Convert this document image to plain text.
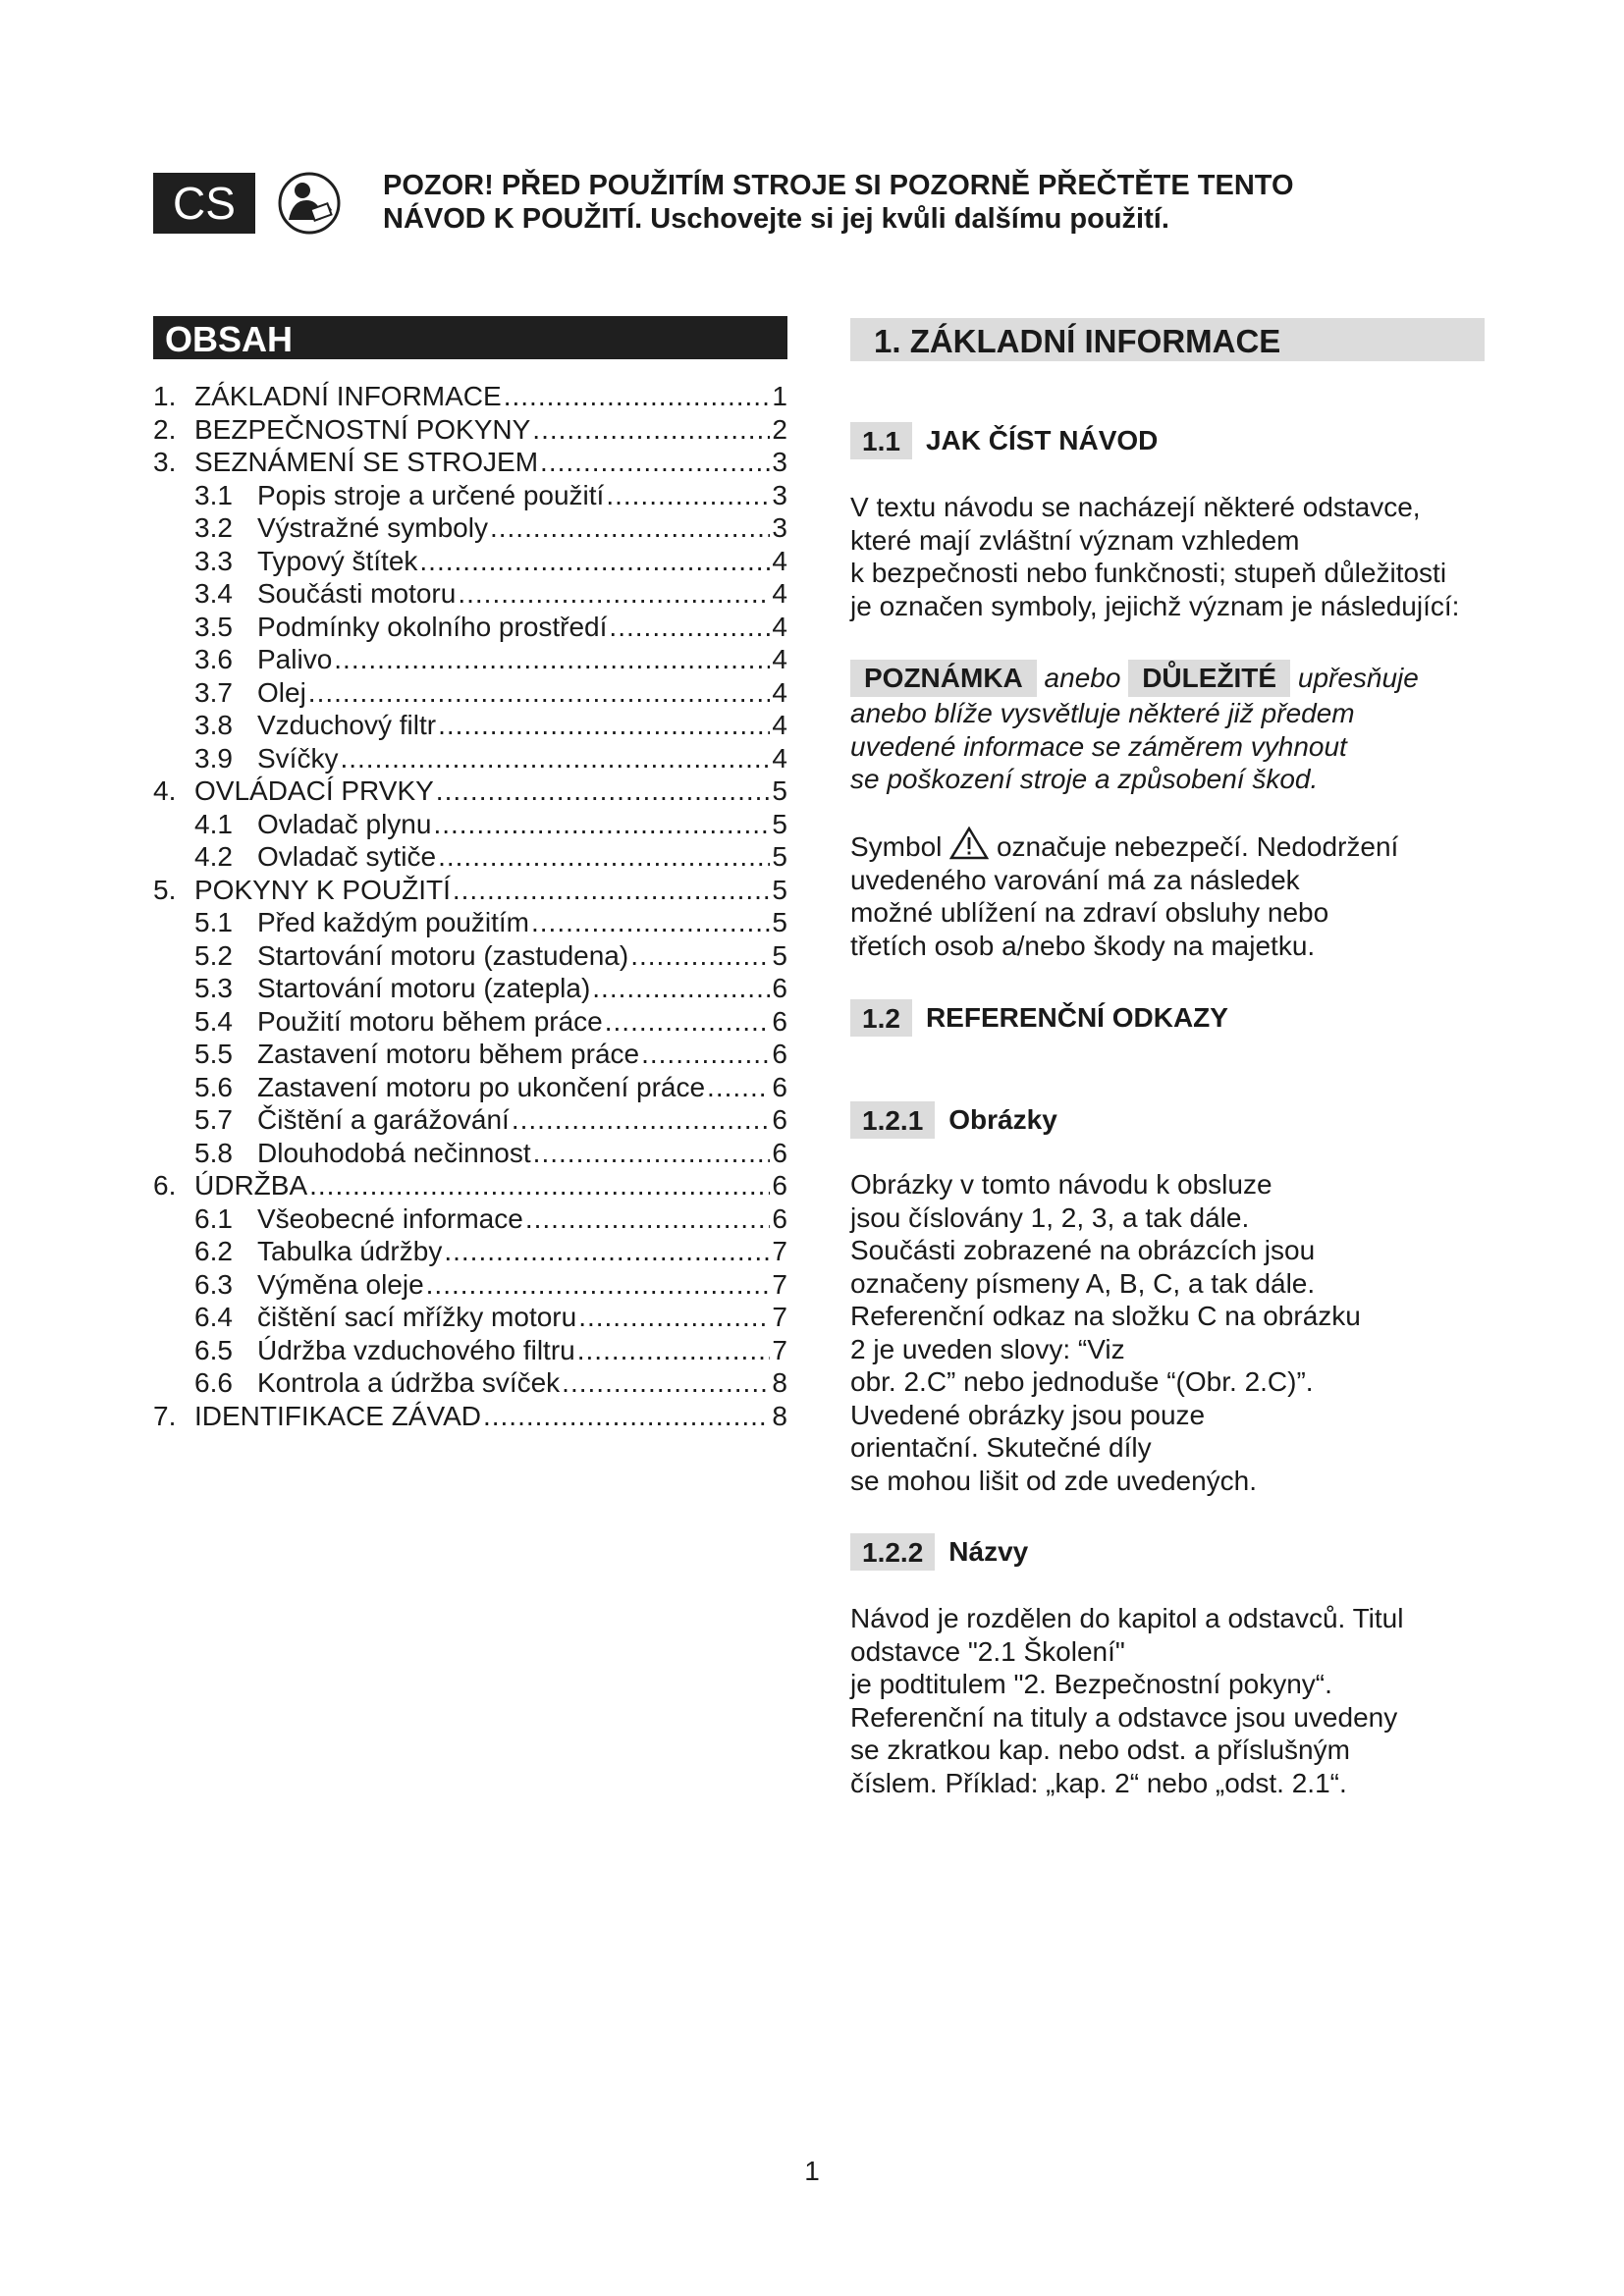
CS	POZOR! PŘED POUŽITÍM STROJE SI POZORNĚ PŘEČTĚTE TENTO
NÁVOD K POUŽITÍ. Uschovejte si jej kvůli dalšímu použití.
OBSAH
1. ZÁKLADNÍ INFORMACE .....	1
2. BEZPEČNOSTNÍ POKYNY .....	2
3. SEZNÁMENÍ SE STROJEM .....	3
3.1 Popis stroje a určené použití .....	3
3.2 Výstražné symboly .....	3
3.3 Typový štítek .....	4
3.4 Součásti motoru .....	4
3.5 Podmínky okolního prostředí .....	4
3.6 Palivo .....	4
3.7 Olej .....	4
3.8 Vzduchový filtr .....	4
3.9 Svíčky .....	4
4. OVLÁDACÍ PRVKY .....	5
4.1 Ovladač plynu .....	5
4.2 Ovladač sytiče .....	5
5. POKYNY K POUŽITÍ .....	5
5.1 Před každým použitím .....	5
5.2 Startování motoru (zastudena) .....	5
5.3 Startování motoru (zatepla) .....	6
5.4 Použití motoru během práce .....	6
5.5 Zastavení motoru během práce .....	6
5.6 Zastavení motoru po ukončení práce ..... 6
5.7 Čištění a garážování .....	6
5.8 Dlouhodobá nečinnost .....	6
6. ÚDRŽBA .....	6
6.1 Všeobecné informace .....	6
6.2 Tabulka údržby .....	7
6.3 Výměna oleje .....	7
6.4 čištění sací mřížky motoru .....	7
6.5 Údržba vzduchového filtru .....	7
6.6 Kontrola a údržba svíček .....	8
7. IDENTIFIKACE ZÁVAD .....	8
1. ZÁKLADNÍ INFORMACE
1.1 JAK ČÍST NÁVOD
V textu návodu se nacházejí některé odstavce,
které mají zvláštní význam vzhledem
k bezpečnosti nebo funkčnosti; stupeň důležitosti
je označen symboly, jejichž význam je následující:
POZNÁMKA anebo DŮLEŽITÉ upřesňuje
anebo blíže vysvětluje některé již předem
uvedené informace se záměrem vyhnout
se poškození stroje a způsobení škod.
Symbol označuje nebezpečí. Nedodržení
uvedeného varování má za následek
možné ublížení na zdraví obsluhy nebo
třetích osob a/nebo škody na majetku.
1.2 REFERENČNÍ ODKAZY
1.2.1 Obrázky
Obrázky v tomto návodu k obsluze
jsou číslovány 1, 2, 3, a tak dále.
Součásti zobrazené na obrázcích jsou
označeny písmeny A, B, C, a tak dále.
Referenční odkaz na složku C na obrázku
2 je uveden slovy: “Viz
obr. 2.C” nebo jednoduše “(Obr. 2.C)”.
Uvedené obrázky jsou pouze
orientační. Skutečné díly
se mohou lišit od zde uvedených.
1.2.2 Názvy
Návod je rozdělen do kapitol a odstavců. Titul
odstavce "2.1 Školení"
je podtitulem "2. Bezpečnostní pokyny“.
Referenční na tituly a odstavce jsou uvedeny
se zkratkou kap. nebo odst. a příslušným
číslem. Příklad: „kap. 2“ nebo „odst. 2.1“.
1
